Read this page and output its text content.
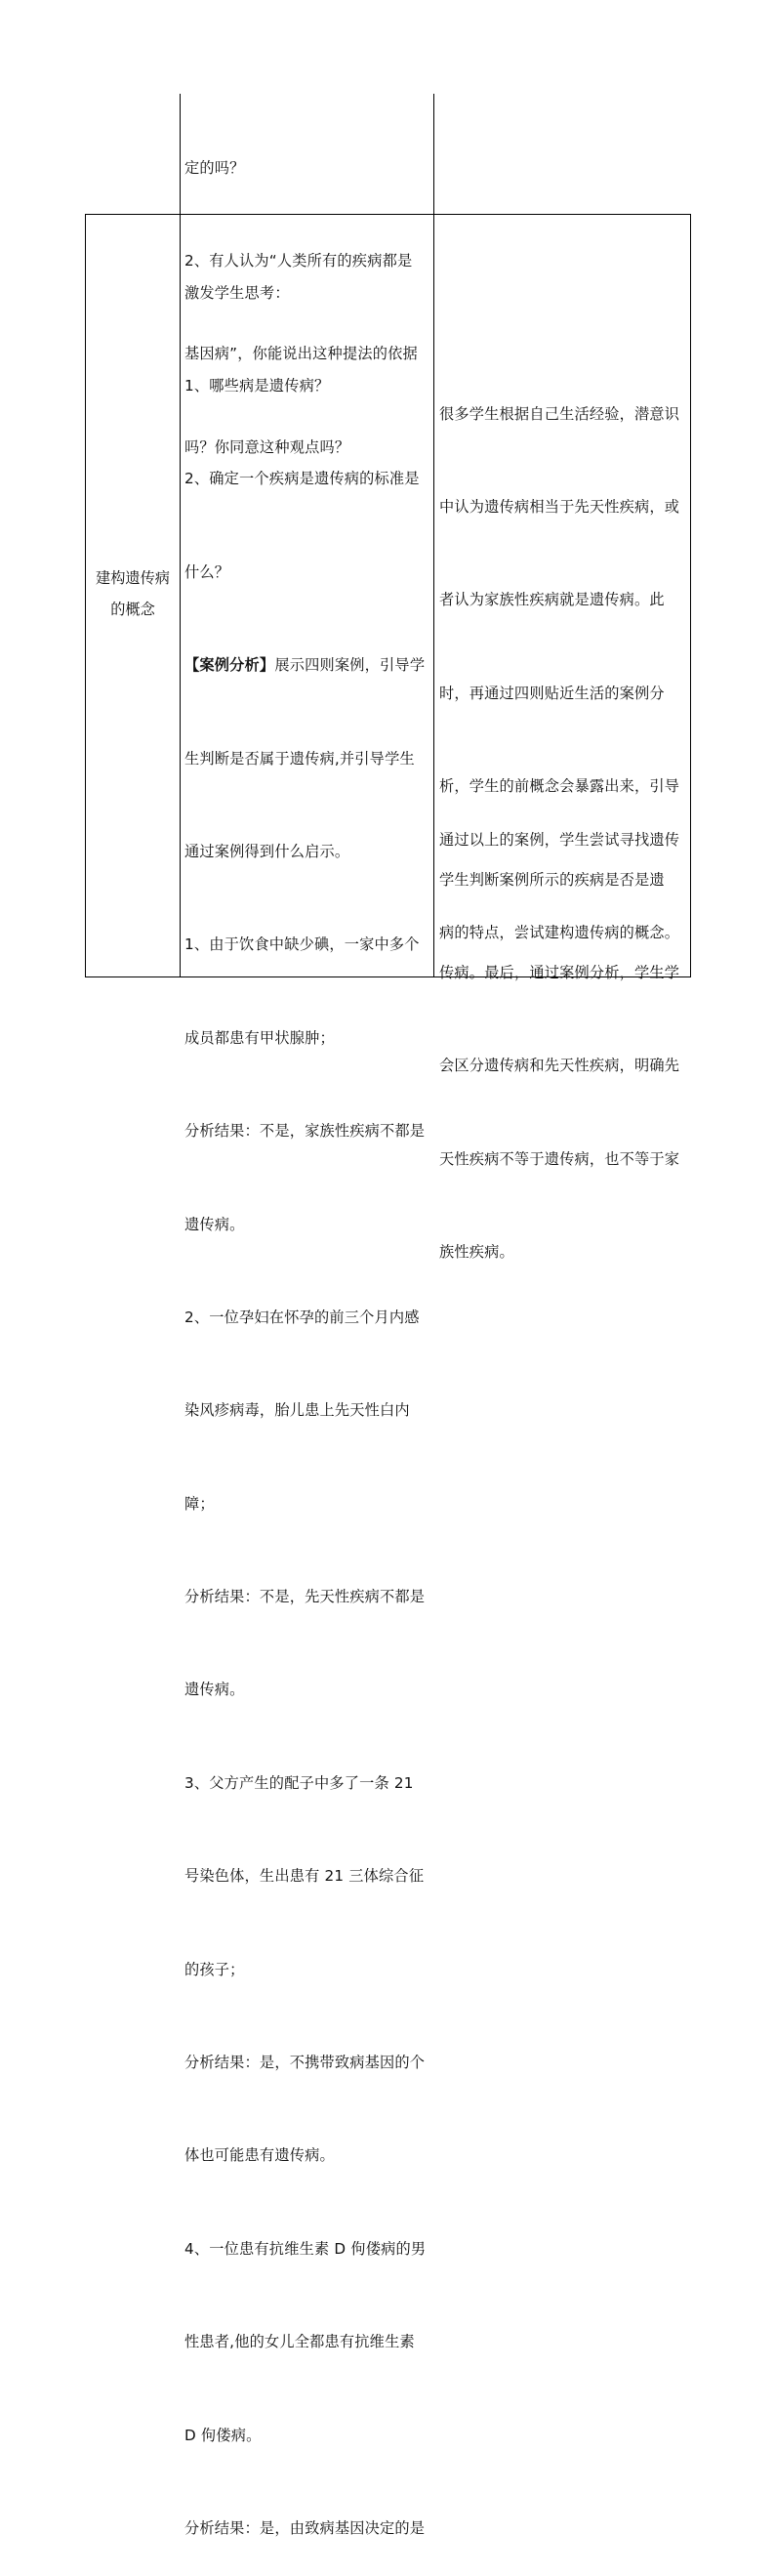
定的吗？

2、有人认为“人类所有的疾病都是

基因病”，你能说出这种提法的依据

吗？你同意这种观点吗？

建构遗传病
的概念

激发学生思考：

1、哪些病是遗传病？

2、确定一个疾病是遗传病的标准是

什么？

【案例分析】展示四则案例，引导学

生判断是否属于遗传病,并引导学生

通过案例得到什么启示。

1、由于饮食中缺少碘，一家中多个

成员都患有甲状腺肿；

分析结果：不是，家族性疾病不都是

遗传病。

2、一位孕妇在怀孕的前三个月内感

染风疹病毒，胎儿患上先天性白内

障；

分析结果：不是，先天性疾病不都是

遗传病。

3、父方产生的配子中多了一条 21

号染色体，生出患有 21 三体综合征

的孩子；

分析结果：是，不携带致病基因的个

体也可能患有遗传病。

4、一位患有抗维生素 D 佝偻病的男

性患者,他的女儿全都患有抗维生素

D 佝偻病。

分析结果：是，由致病基因决定的是

很多学生根据自己生活经验，潜意识

中认为遗传病相当于先天性疾病，或

者认为家族性疾病就是遗传病。此

时，再通过四则贴近生活的案例分

析，学生的前概念会暴露出来，引导

学生判断案例所示的疾病是否是遗

传病。最后，通过案例分析，学生学

会区分遗传病和先天性疾病，明确先

天性疾病不等于遗传病，也不等于家

族性疾病。

通过以上的案例，学生尝试寻找遗传

病的特点，尝试建构遗传病的概念。
